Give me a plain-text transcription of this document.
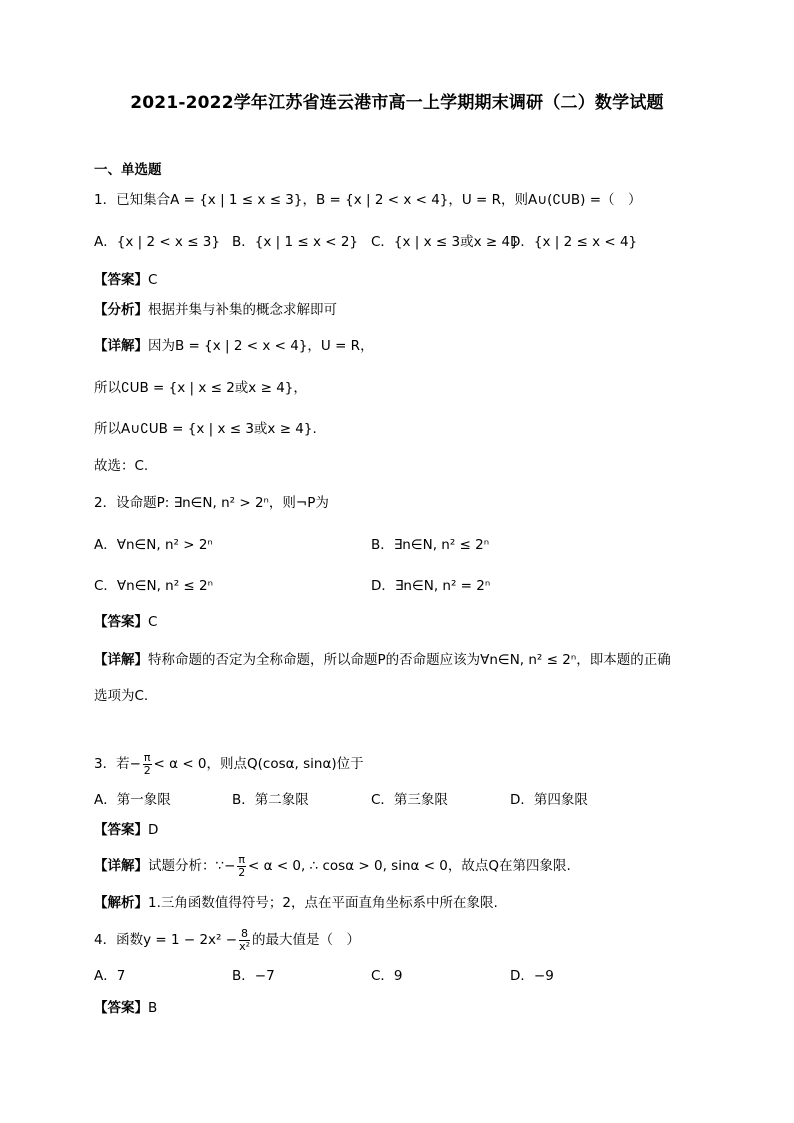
2021-2022学年江苏省连云港市高一上学期期末调研（二）数学试题
一、单选题
1．已知集合A = {x | 1 ≤ x ≤ 3}，B = {x | 2 < x < 4}，U = R，则A∪(∁UB) =（　）
A．{x | 2 < x ≤ 3} B．{x | 1 ≤ x < 2} C．{x | x ≤ 3或x ≥ 4}
D．{x | 2 ≤ x < 4}
【答案】C
【分析】根据并集与补集的概念求解即可
【详解】因为B = {x | 2 < x < 4}，U = R，
所以∁UB = {x | x ≤ 2或x ≥ 4}，
所以A∪∁UB = {x | x ≤ 3或x ≥ 4}.
故选：C.
2．设命题P: ∃n∈N, n² > 2ⁿ，则¬P为
A．∀n∈N, n² > 2ⁿ	B．∃n∈N, n² ≤ 2ⁿ
C．∀n∈N, n² ≤ 2ⁿ	D．∃n∈N, n² = 2ⁿ
【答案】C
【详解】特称命题的否定为全称命题，所以命题P的否命题应该为∀n∈N, n² ≤ 2ⁿ，即本题的正确
选项为C.
3．若− $\frac{\pi}{2} < \alpha < 0$，则点Q(cosα, sinα)位于
A．第一象限	B．第二象限	C．第三象限	D．第四象限
【答案】D
【详解】试题分析：∵− $\frac{\pi}{2} < \alpha < 0$, ∴ cosα > 0, sinα < 0，故点Q在第四象限.
【解析】1.三角函数值得符号；2，点在平面直角坐标系中所在象限.
4．函数$y = 1 - 2x^2 - \frac{8}{\text{x²}}$ 的最大值是（　）
A．7	B．−7	C．9	D．−9
【答案】B
